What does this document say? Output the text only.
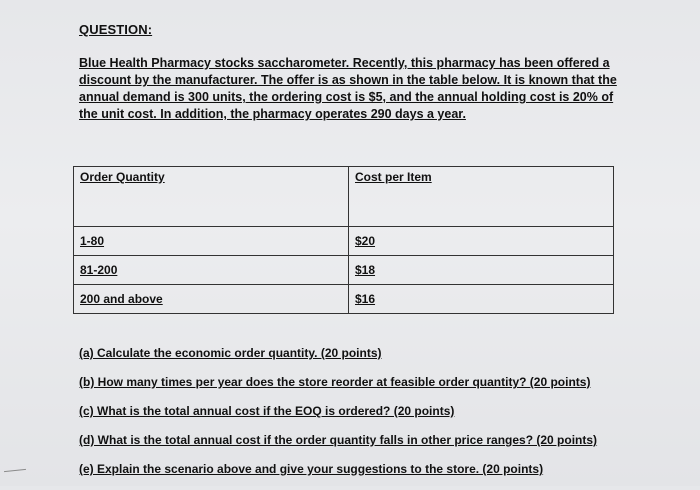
QUESTION:
Blue Health Pharmacy stocks saccharometer. Recently, this pharmacy has been offered a discount by the manufacturer. The offer is as shown in the table below. It is known that the annual demand is 300 units, the ordering cost is $5, and the annual holding cost is 20% of the unit cost. In addition, the pharmacy operates 290 days a year.
Order Quantity	Cost per Item
1-80	$20
81-200	$18
200 and above	$16
(a) Calculate the economic order quantity. (20 points)
(b) How many times per year does the store reorder at feasible order quantity? (20 points)
(c) What is the total annual cost if the EOQ is ordered? (20 points)
(d) What is the total annual cost if the order quantity falls in other price ranges? (20 points)
(e) Explain the scenario above and give your suggestions to the store. (20 points)
